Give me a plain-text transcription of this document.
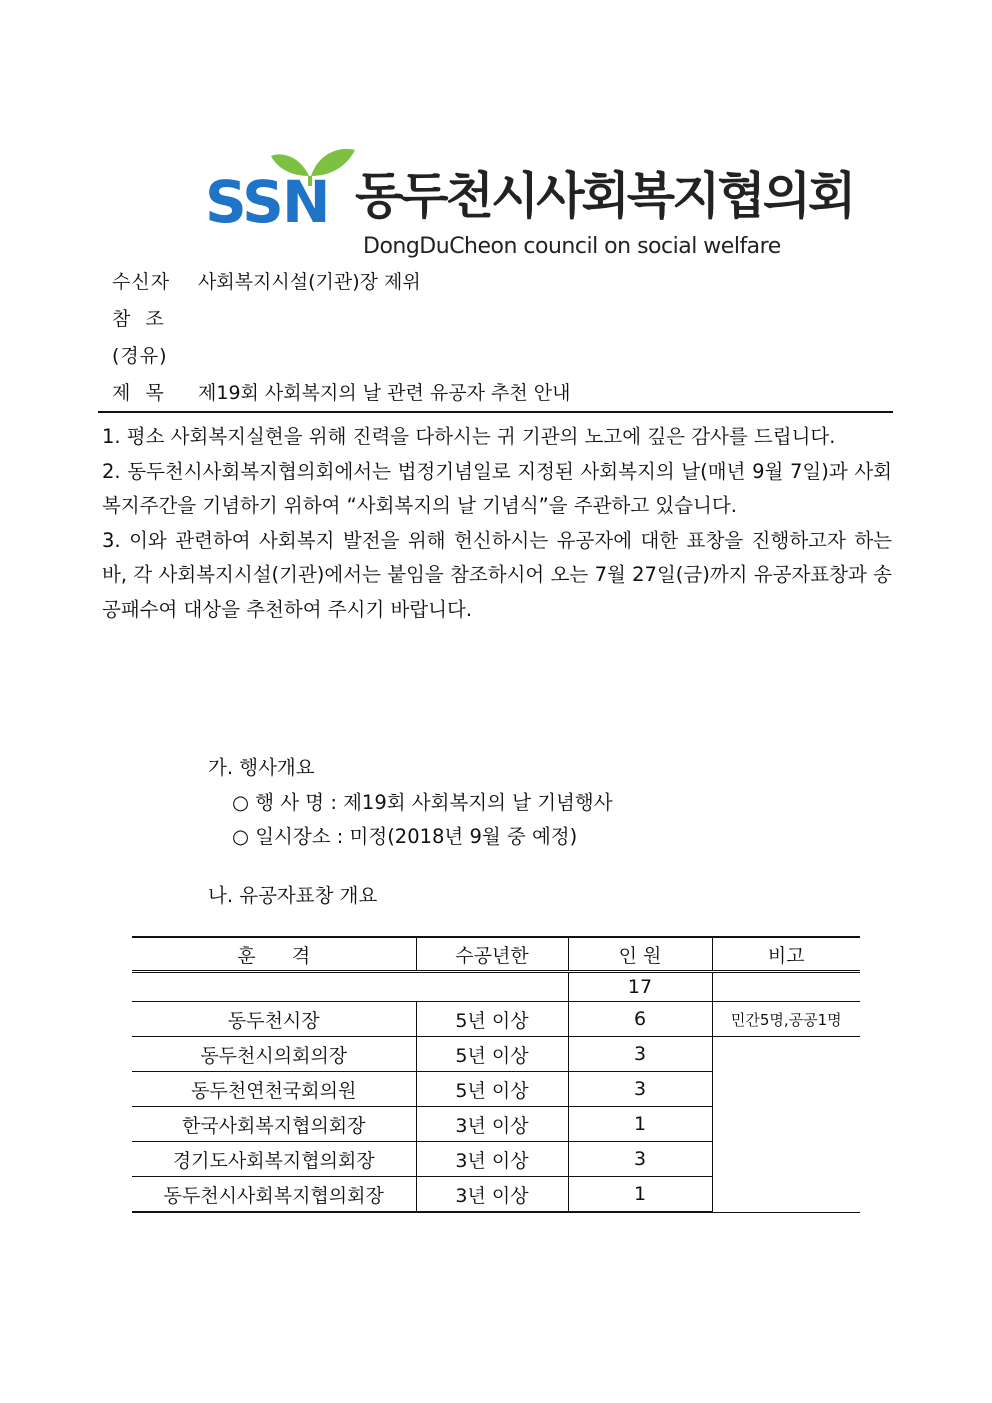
SSN 동두천시사회복지협의회
DongDuCheon council on social welfare
수신자 사회복지시설(기관)장 제위
참  조
(경유)
제  목 제19회 사회복지의 날 관련 유공자 추천 안내

1. 평소 사회복지실현을 위해 진력을 다하시는 귀 기관의 노고에 깊은 감사를 드립니다.

2. 동두천시사회복지협의회에서는 법정기념일로 지정된 사회복지의 날(매년 9월 7일)과 사회복지주간을 기념하기 위하여 “사회복지의 날 기념식”을 주관하고 있습니다.

3. 이와 관련하여 사회복지 발전을 위해 헌신하시는 유공자에 대한 표창을 진행하고자 하는 바, 각 사회복지시설(기관)에서는 붙임을 참조하시어 오는 7월 27일(금)까지 유공자표창과 송공패수여 대상을 추천하여 주시기 바랍니다.

가. 행사개요
○ 행 사 명 : 제19회 사회복지의 날 기념행사
○ 일시장소 : 미정(2018년 9월 중 예정)
나. 유공자표창 개요
훈      격	수공년한	인 원	비고
		17	
동두천시장	5년 이상	6	민간5명,공공1명
동두천시의회의장	5년 이상	3	
동두천연천국회의원	5년 이상	3	
한국사회복지협의회장	3년 이상	1	
경기도사회복지협의회장	3년 이상	3	
동두천시사회복지협의회장	3년 이상	1	
